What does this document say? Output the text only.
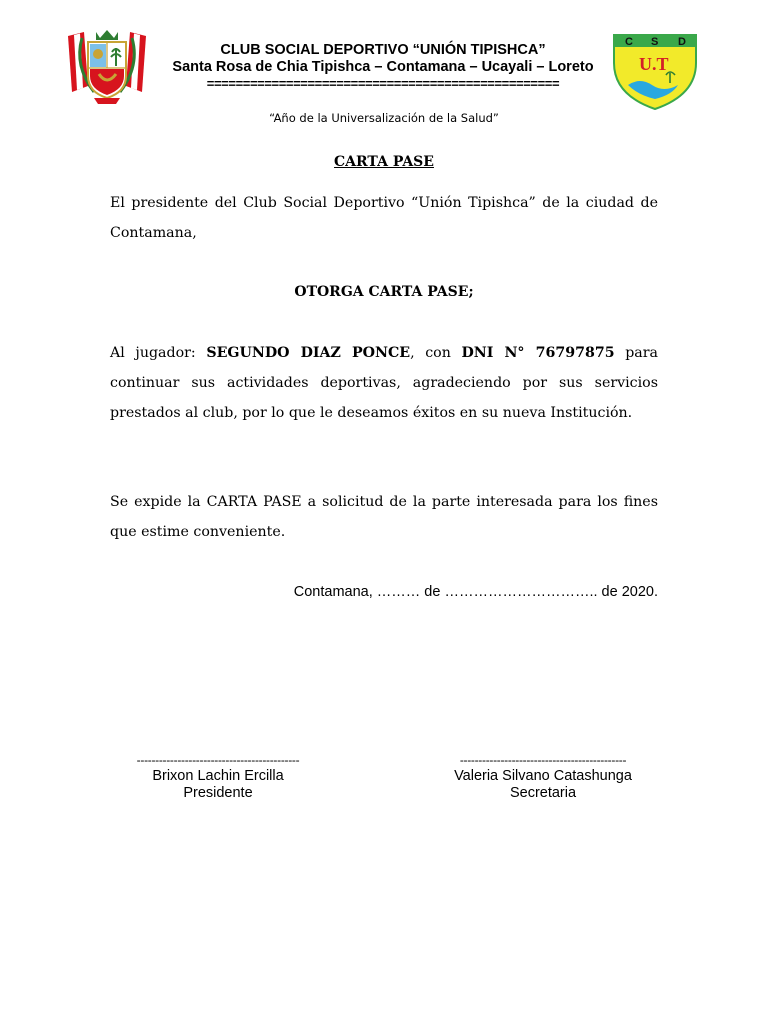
C S D
U.T
CLUB SOCIAL DEPORTIVO “UNIÓN TIPISHCA”
Santa Rosa de Chia Tipishca – Contamana – Ucayali – Loreto
=================================================
“Año de la Universalización de la Salud”
CARTA PASE
El presidente del Club Social Deportivo “Unión Tipishca” de la ciudad de Contamana,
OTORGA CARTA PASE;
Al jugador: SEGUNDO DIAZ PONCE, con DNI N° 76797875 para continuar sus actividades deportivas, agradeciendo por sus servicios prestados al club, por lo que le deseamos éxitos en su nueva Institución.
Se expide la CARTA PASE a solicitud de la parte interesada para los fines que estime conveniente.
Contamana, ……… de ………………………….. de 2020.
--------------------------------------------
Brixon Lachin Ercilla
Presidente
---------------------------------------------
Valeria Silvano Catashunga
Secretaria
